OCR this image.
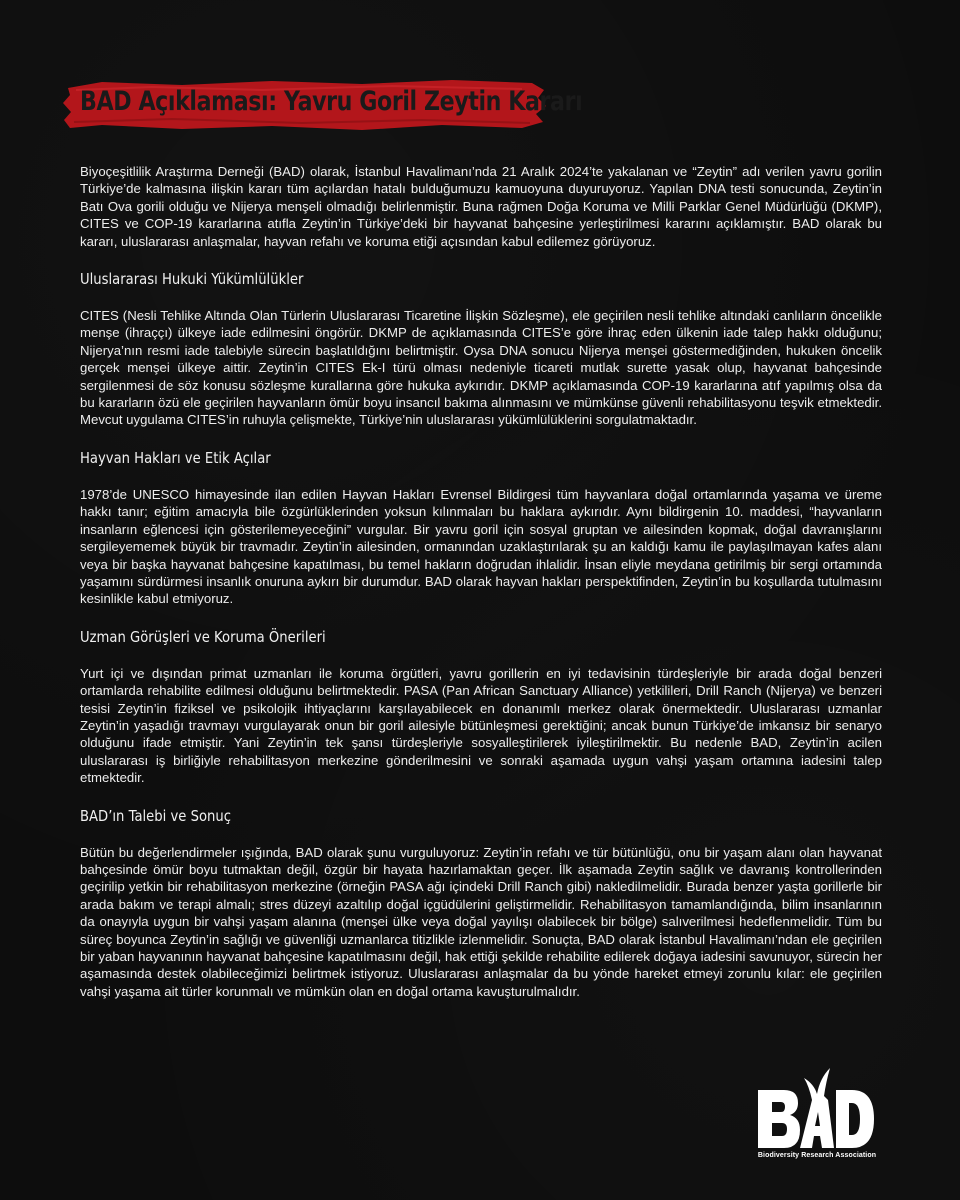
BAD Açıklaması: Yavru Goril Zeytin Kararı

Biyoçeşitlilik Araştırma Derneği (BAD) olarak, İstanbul Havalimanı’nda 21 Aralık 2024’te yakalanan ve “Zeytin” adı verilen yavru gorilin Türkiye’de kalmasına ilişkin kararı tüm açılardan hatalı bulduğumuzu kamuoyuna duyuruyoruz. Yapılan DNA testi sonucunda, Zeytin’in Batı Ova gorili olduğu ve Nijerya menşeli olmadığı belirlenmiştir. Buna rağmen Doğa Koruma ve Milli Parklar Genel Müdürlüğü (DKMP), CITES ve COP-19 kararlarına atıfla Zeytin’in Türkiye’deki bir hayvanat bahçesine yerleştirilmesi kararını açıklamıştır. BAD olarak bu kararı, uluslararası anlaşmalar, hayvan refahı ve koruma etiği açısından kabul edilemez görüyoruz.

Uluslararası Hukuki Yükümlülükler

CITES (Nesli Tehlike Altında Olan Türlerin Uluslararası Ticaretine İlişkin Sözleşme), ele geçirilen nesli tehlike altındaki canlıların öncelikle menşe (ihraççı) ülkeye iade edilmesini öngörür. DKMP de açıklamasında CITES’e göre ihraç eden ülkenin iade talep hakkı olduğunu; Nijerya’nın resmi iade talebiyle sürecin başlatıldığını belirtmiştir. Oysa DNA sonucu Nijerya menşei göstermediğinden, hukuken öncelik gerçek menşei ülkeye aittir. Zeytin’in CITES Ek-I türü olması nedeniyle ticareti mutlak surette yasak olup, hayvanat bahçesinde sergilenmesi de söz konusu sözleşme kurallarına göre hukuka aykırıdır. DKMP açıklamasında COP-19 kararlarına atıf yapılmış olsa da bu kararların özü ele geçirilen hayvanların ömür boyu insancıl bakıma alınmasını ve mümkünse güvenli rehabilitasyonu teşvik etmektedir. Mevcut uygulama CITES’in ruhuyla çelişmekte, Türkiye’nin uluslararası yükümlülüklerini sorgulatmaktadır.

Hayvan Hakları ve Etik Açılar

1978’de UNESCO himayesinde ilan edilen Hayvan Hakları Evrensel Bildirgesi tüm hayvanlara doğal ortamlarında yaşama ve üreme hakkı tanır; eğitim amacıyla bile özgürlüklerinden yoksun kılınmaları bu haklara aykırıdır. Aynı bildirgenin 10. maddesi, “hayvanların insanların eğlencesi için gösterilemeyeceğini” vurgular. Bir yavru goril için sosyal gruptan ve ailesinden kopmak, doğal davranışlarını sergileyememek büyük bir travmadır. Zeytin’in ailesinden, ormanından uzaklaştırılarak şu an kaldığı kamu ile paylaşılmayan kafes alanı veya bir başka hayvanat bahçesine kapatılması, bu temel hakların doğrudan ihlalidir. İnsan eliyle meydana getirilmiş bir sergi ortamında yaşamını sürdürmesi insanlık onuruna aykırı bir durumdur. BAD olarak hayvan hakları perspektifinden, Zeytin’in bu koşullarda tutulmasını kesinlikle kabul etmiyoruz.

Uzman Görüşleri ve Koruma Önerileri

Yurt içi ve dışından primat uzmanları ile koruma örgütleri, yavru gorillerin en iyi tedavisinin türdeşleriyle bir arada doğal benzeri ortamlarda rehabilite edilmesi olduğunu belirtmektedir. PASA (Pan African Sanctuary Alliance) yetkilileri, Drill Ranch (Nijerya) ve benzeri tesisi Zeytin’in fiziksel ve psikolojik ihtiyaçlarını karşılayabilecek en donanımlı merkez olarak önermektedir. Uluslararası uzmanlar Zeytin’in yaşadığı travmayı vurgulayarak onun bir goril ailesiyle bütünleşmesi gerektiğini; ancak bunun Türkiye’de imkansız bir senaryo olduğunu ifade etmiştir. Yani Zeytin’in tek şansı türdeşleriyle sosyalleştirilerek iyileştirilmektir. Bu nedenle BAD, Zeytin’in acilen uluslararası iş birliğiyle rehabilitasyon merkezine gönderilmesini ve sonraki aşamada uygun vahşi yaşam ortamına iadesini talep etmektedir.

BAD’ın Talebi ve Sonuç

Bütün bu değerlendirmeler ışığında, BAD olarak şunu vurguluyoruz: Zeytin’in refahı ve tür bütünlüğü, onu bir yaşam alanı olan hayvanat bahçesinde ömür boyu tutmaktan değil, özgür bir hayata hazırlamaktan geçer. İlk aşamada Zeytin sağlık ve davranış kontrollerinden geçirilip yetkin bir rehabilitasyon merkezine (örneğin PASA ağı içindeki Drill Ranch gibi) nakledilmelidir. Burada benzer yaşta gorillerle bir arada bakım ve terapi almalı; stres düzeyi azaltılıp doğal içgüdülerini geliştirmelidir. Rehabilitasyon tamamlandığında, bilim insanlarının da onayıyla uygun bir vahşi yaşam alanına (menşei ülke veya doğal yayılışı olabilecek bir bölge) salıverilmesi hedeflenmelidir. Tüm bu süreç boyunca Zeytin’in sağlığı ve güvenliği uzmanlarca titizlikle izlenmelidir. Sonuçta, BAD olarak İstanbul Havalimanı’ndan ele geçirilen bir yaban hayvanının hayvanat bahçesine kapatılmasını değil, hak ettiği şekilde rehabilite edilerek doğaya iadesini savunuyor, sürecin her aşamasında destek olabileceğimizi belirtmek istiyoruz. Uluslararası anlaşmalar da bu yönde hareket etmeyi zorunlu kılar: ele geçirilen vahşi yaşama ait türler korunmalı ve mümkün olan en doğal ortama kavuşturulmalıdır.

Biodiversity Research Association
